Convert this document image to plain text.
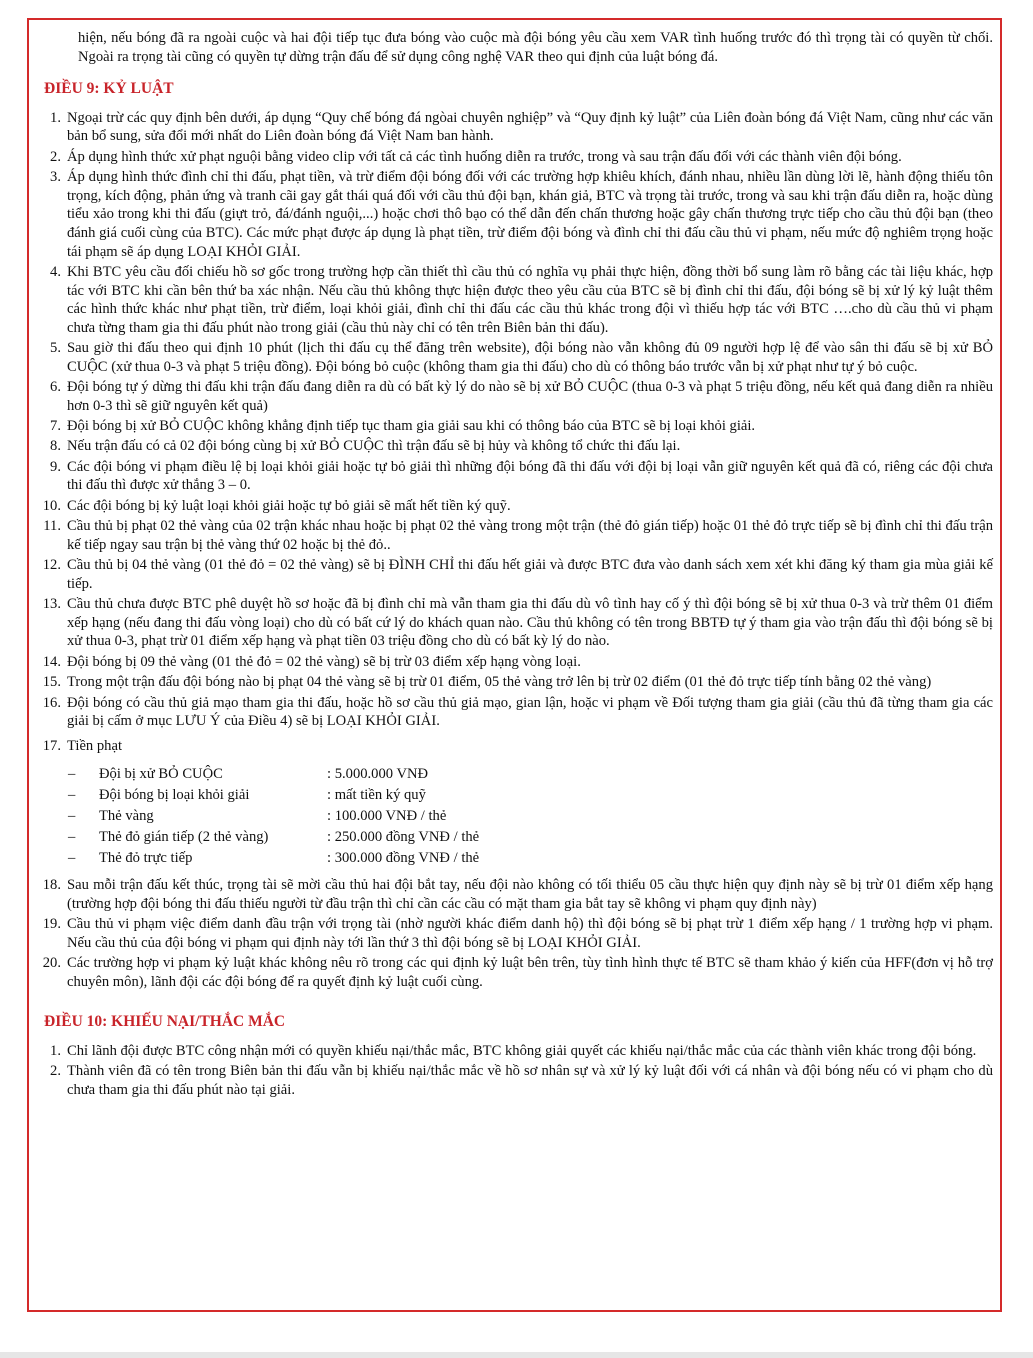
hiện, nếu bóng đã ra ngoài cuộc và hai đội tiếp tục đưa bóng vào cuộc mà đội bóng yêu cầu xem VAR tình huống trước đó thì trọng tài có quyền từ chối. Ngoài ra trọng tài cũng có quyền tự dừng trận đấu để sử dụng công nghệ VAR theo qui định của luật bóng đá.

ĐIỀU 9: KỶ LUẬT
1. Ngoại trừ các quy định bên dưới, áp dụng “Quy chế bóng đá ngòai chuyên nghiệp” và “Quy định kỷ luật” của Liên đoàn bóng đá Việt Nam, cũng như các văn bản bổ sung, sửa đổi mới nhất do Liên đoàn bóng đá Việt Nam ban hành.
2. Áp dụng hình thức xử phạt nguội bằng video clip với tất cả các tình huống diễn ra trước, trong và sau trận đấu đối với các thành viên đội bóng.
3. Áp dụng hình thức đình chỉ thi đấu, phạt tiền, và trừ điểm đội bóng đối với các trường hợp khiêu khích, đánh nhau, nhiều lần dùng lời lẽ, hành động thiếu tôn trọng, kích động, phản ứng và tranh cãi gay gắt thái quá đối với cầu thủ đội bạn, khán giả, BTC và trọng tài trước, trong và sau khi trận đấu diễn ra, hoặc dùng tiểu xảo trong khi thi đấu (giựt trỏ, đá/đánh nguội,...) hoặc chơi thô bạo có thể dẫn đến chấn thương hoặc gây chấn thương trực tiếp cho cầu thủ đội bạn (theo đánh giá cuối cùng của BTC). Các mức phạt được áp dụng là phạt tiền, trừ điểm đội bóng và đình chỉ thi đấu cầu thủ vi phạm, nếu mức độ nghiêm trọng hoặc tái phạm sẽ áp dụng LOẠI KHỎI GIẢI.
4. Khi BTC yêu cầu đối chiếu hồ sơ gốc trong trường hợp cần thiết thì cầu thủ có nghĩa vụ phải thực hiện, đồng thời bổ sung làm rõ bằng các tài liệu khác, hợp tác với BTC khi cần bên thứ ba xác nhận. Nếu cầu thủ không thực hiện được theo yêu cầu của BTC sẽ bị đình chỉ thi đấu, đội bóng sẽ bị xử lý kỷ luật thêm các hình thức khác như phạt tiền, trừ điểm, loại khỏi giải, đình chỉ thi đấu các cầu thủ khác trong đội vì thiếu hợp tác với BTC ….cho dù cầu thủ vi phạm chưa từng tham gia thi đấu phút nào trong giải (cầu thủ này chỉ có tên trên Biên bản thi đấu).
5. Sau giờ thi đấu theo qui định 10 phút (lịch thi đấu cụ thể đăng trên website), đội bóng nào vẫn không đủ 09 người hợp lệ để vào sân thi đấu sẽ bị xử BỎ CUỘC (xử thua 0-3 và phạt 5 triệu đồng). Đội bóng bỏ cuộc (không tham gia thi đấu) cho dù có thông báo trước vẫn bị xử phạt như tự ý bỏ cuộc.
6. Đội bóng tự ý dừng thi đấu khi trận đấu đang diễn ra dù có bất kỳ lý do nào sẽ bị xử BỎ CUỘC (thua 0-3 và phạt 5 triệu đồng, nếu kết quả đang diễn ra nhiều hơn 0-3 thì sẽ giữ nguyên kết quả)
7. Đội bóng bị xử BỎ CUỘC không khẳng định tiếp tục tham gia giải sau khi có thông báo của BTC sẽ bị loại khỏi giải.
8. Nếu trận đấu có cả 02 đội bóng cùng bị xử BỎ CUỘC thì trận đấu sẽ bị hủy và không tổ chức thi đấu lại.
9. Các đội bóng vi phạm điều lệ bị loại khỏi giải hoặc tự bỏ giải thì những đội bóng đã thi đấu với đội bị loại vẫn giữ nguyên kết quả đã có, riêng các đội chưa thi đấu thì được xử thắng 3 – 0.
10. Các đội bóng bị kỷ luật loại khỏi giải hoặc tự bỏ giải sẽ mất hết tiền ký quỹ.
11. Cầu thủ bị phạt 02 thẻ vàng của 02 trận khác nhau hoặc bị phạt 02 thẻ vàng trong một trận (thẻ đỏ gián tiếp) hoặc 01 thẻ đỏ trực tiếp sẽ bị đình chỉ thi đấu trận kế tiếp ngay sau trận bị thẻ vàng thứ 02 hoặc bị thẻ đỏ..
12. Cầu thủ bị 04 thẻ vàng (01 thẻ đỏ = 02 thẻ vàng) sẽ bị ĐÌNH CHỈ thi đấu hết giải và được BTC đưa vào danh sách xem xét khi đăng ký tham gia mùa giải kế tiếp.
13. Cầu thủ chưa được BTC phê duyệt hồ sơ hoặc đã bị đình chỉ mà vẫn tham gia thi đấu dù vô tình hay cố ý thì đội bóng sẽ bị xử thua 0-3 và trừ thêm 01 điểm xếp hạng (nếu đang thi đấu vòng loại) cho dù có bất cứ lý do khách quan nào. Cầu thủ không có tên trong BBTĐ tự ý tham gia vào trận đấu thì đội bóng sẽ bị xử thua 0-3, phạt trừ 01 điểm xếp hạng và phạt tiền 03 triệu đồng cho dù có bất kỳ lý do nào.
14. Đội bóng bị 09 thẻ vàng (01 thẻ đỏ = 02 thẻ vàng) sẽ bị trừ 03 điểm xếp hạng vòng loại.
15. Trong một trận đấu đội bóng nào bị phạt 04 thẻ vàng sẽ bị trừ 01 điểm, 05 thẻ vàng trở lên bị trừ 02 điểm (01 thẻ đỏ trực tiếp tính bằng 02 thẻ vàng)
16. Đội bóng có cầu thủ giả mạo tham gia thi đấu, hoặc hồ sơ cầu thủ giả mạo, gian lận, hoặc vi phạm về Đối tượng tham gia giải (cầu thủ đã từng tham gia các giải bị cấm ở mục LƯU Ý của Điều 4) sẽ bị LOẠI KHỎI GIẢI.
17. Tiền phạt
–	Đội bị xử BỎ CUỘC	: 5.000.000 VNĐ
–	Đội bóng bị loại khỏi giải	: mất tiền ký quỹ
–	Thẻ vàng	: 100.000 VNĐ / thẻ
–	Thẻ đỏ gián tiếp (2 thẻ vàng)	: 250.000 đồng VNĐ / thẻ
–	Thẻ đỏ trực tiếp	: 300.000 đồng VNĐ / thẻ
18. Sau mỗi trận đấu kết thúc, trọng tài sẽ mời cầu thủ hai đội bắt tay, nếu đội nào không có tối thiểu 05 cầu thực hiện quy định này sẽ bị trừ 01 điểm xếp hạng (trường hợp đội bóng thi đấu thiếu người từ đầu trận thì chỉ cần các cầu có mặt tham gia bắt tay sẽ không vi phạm quy định này)
19. Cầu thủ vi phạm việc điểm danh đầu trận với trọng tài (nhờ người khác điểm danh hộ) thì đội bóng sẽ bị phạt trừ 1 điểm xếp hạng / 1 trường hợp vi phạm. Nếu cầu thủ của đội bóng vi phạm qui định này tới lần thứ 3 thì đội bóng sẽ bị LOẠI KHỎI GIẢI.
20. Các trường hợp vi phạm kỷ luật khác không nêu rõ trong các qui định kỷ luật bên trên, tùy tình hình thực tế BTC sẽ tham khảo ý kiến của HFF(đơn vị hỗ trợ chuyên môn), lãnh đội các đội bóng để ra quyết định kỷ luật cuối cùng.
ĐIỀU 10: KHIẾU NẠI/THẮC MẮC
1. Chỉ lãnh đội được BTC công nhận mới có quyền khiếu nại/thắc mắc, BTC không giải quyết các khiếu nại/thắc mắc của các thành viên khác trong đội bóng.
2. Thành viên đã có tên trong Biên bản thi đấu vẫn bị khiếu nại/thắc mắc về hồ sơ nhân sự và xử lý kỷ luật đối với cá nhân và đội bóng nếu có vi phạm cho dù chưa tham gia thi đấu phút nào tại giải.
